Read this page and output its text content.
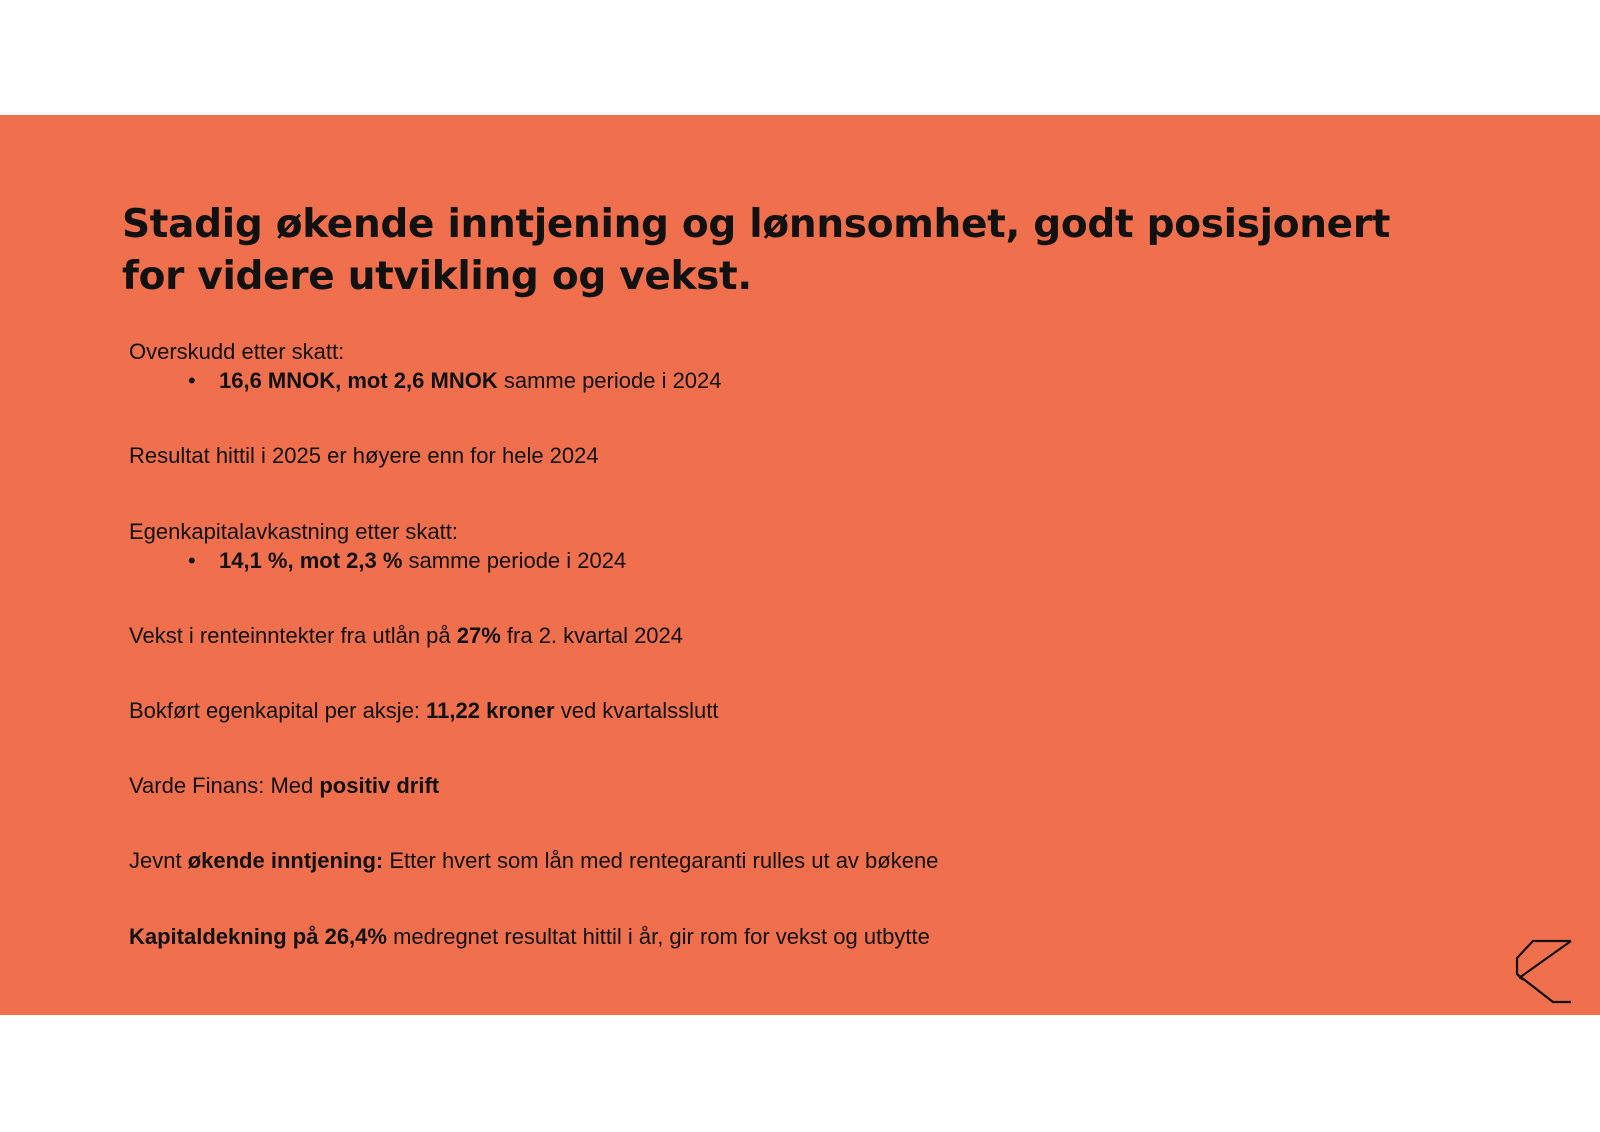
Stadig økende inntjening og lønnsomhet, godt posisjonert
for videre utvikling og vekst.
Overskudd etter skatt:
• 16,6 MNOK, mot 2,6 MNOK samme periode i 2024
Resultat hittil i 2025 er høyere enn for hele 2024
Egenkapitalavkastning etter skatt:
• 14,1 %, mot 2,3 % samme periode i 2024
Vekst i renteinntekter fra utlån på 27% fra 2. kvartal 2024
Bokført egenkapital per aksje: 11,22 kroner ved kvartalsslutt
Varde Finans: Med positiv drift
Jevnt økende inntjening: Etter hvert som lån med rentegaranti rulles ut av bøkene
Kapitaldekning på 26,4% medregnet resultat hittil i år, gir rom for vekst og utbytte
